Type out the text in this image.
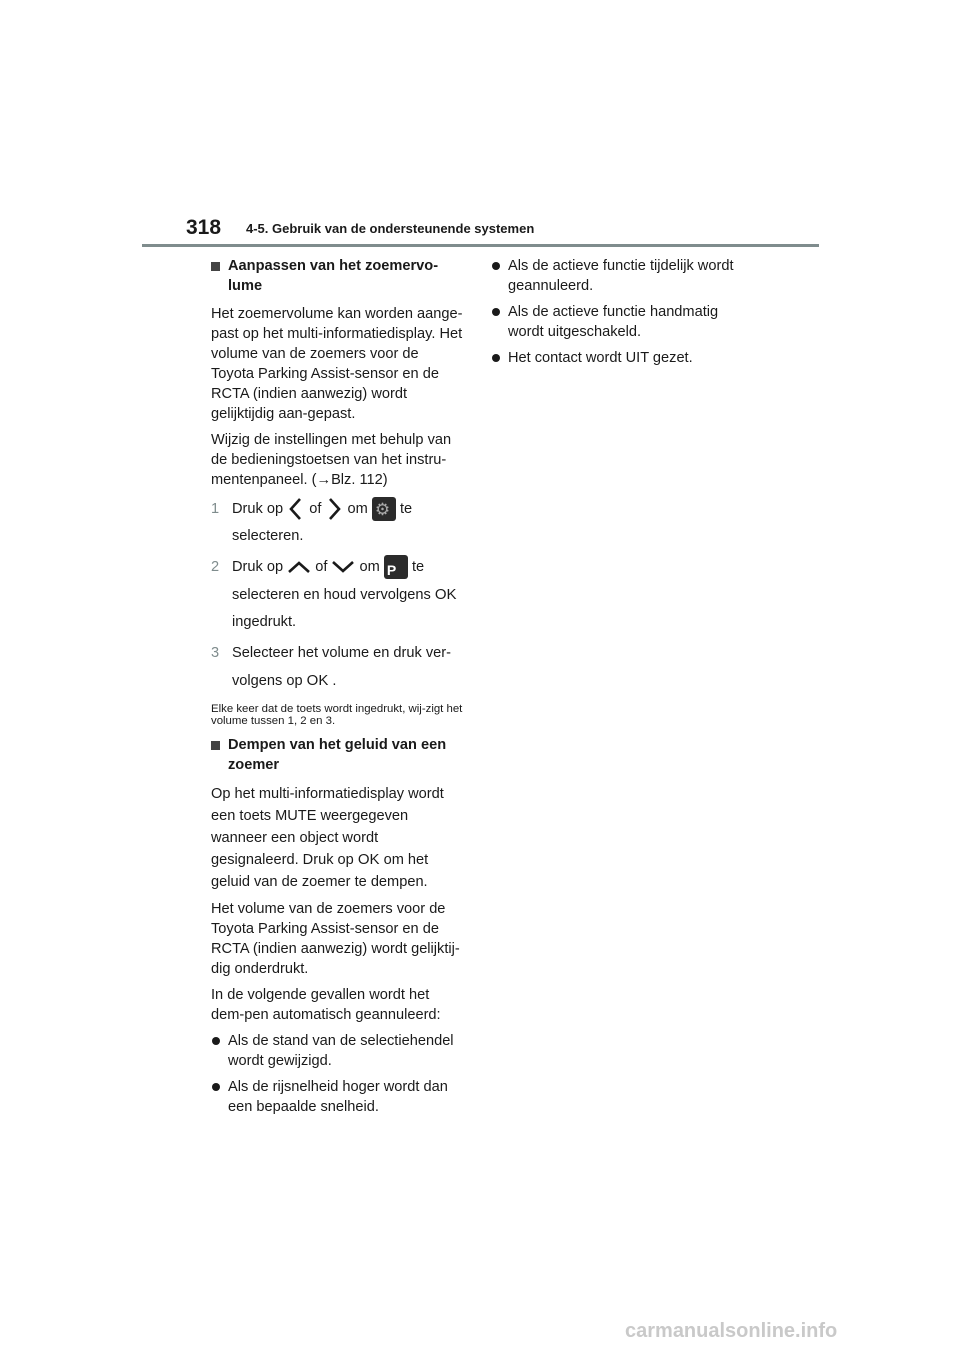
318 4-5. Gebruik van de ondersteunende systemen

Aanpassen van het zoemervo-lume

Het zoemervolume kan worden aange-past op het multi-informatiedisplay. Het volume van de zoemers voor de Toyota Parking Assist-sensor en de RCTA (indien aanwezig) wordt gelijktijdig aan-gepast.

Wijzig de instellingen met behulp van de bedieningstoetsen van het instru-mentenpaneel. (→Blz. 112)

1 Druk op of om ⚙ te selecteren.

2 Druk op of om P te selecteren en houd vervolgens OK ingedrukt.

3 Selecteer het volume en druk ver-volgens op OK .

Elke keer dat de toets wordt ingedrukt, wij-zigt het volume tussen 1, 2 en 3.

Dempen van het geluid van een zoemer

Op het multi-informatiedisplay wordt een toets MUTE weergegeven wanneer een object wordt gesignaleerd. Druk op OK om het geluid van de zoemer te dempen.

Het volume van de zoemers voor de Toyota Parking Assist-sensor en de RCTA (indien aanwezig) wordt gelijktij-dig onderdrukt.

In de volgende gevallen wordt het dem-pen automatisch geannuleerd:

Als de stand van de selectiehendel wordt gewijzigd.

Als de rijsnelheid hoger wordt dan een bepaalde snelheid.

Als de actieve functie tijdelijk wordt geannuleerd.

Als de actieve functie handmatig wordt uitgeschakeld.

Het contact wordt UIT gezet.

carmanualsonline.info
